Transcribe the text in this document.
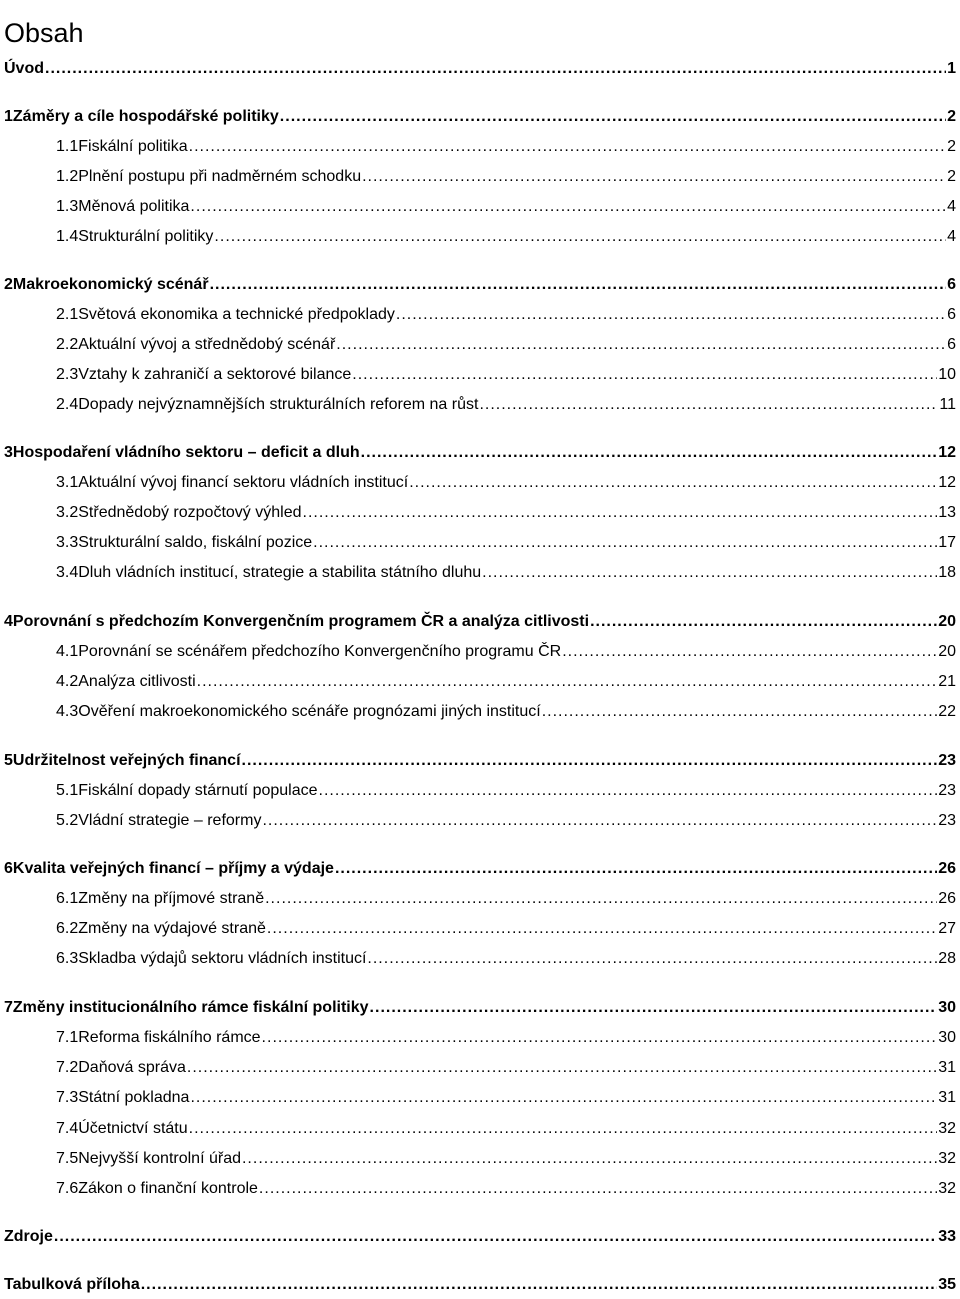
Obsah
Úvod .....	1
1 Záměry a cíle hospodářské politiky .....	2
1.1 Fiskální politika .....	2
1.2 Plnění postupu při nadměrném schodku .....	2
1.3 Měnová politika .....	4
1.4 Strukturální politiky .....	4
2 Makroekonomický scénář .....	6
2.1 Světová ekonomika a technické předpoklady .....	6
2.2 Aktuální vývoj a střednědobý scénář .....	6
2.3 Vztahy k zahraničí a sektorové bilance .....	10
2.4 Dopady nejvýznamnějších strukturálních reforem na růst .....	11
3 Hospodaření vládního sektoru – deficit a dluh .....	12
3.1 Aktuální vývoj financí sektoru vládních institucí .....	12
3.2 Střednědobý rozpočtový výhled .....	13
3.3 Strukturální saldo, fiskální pozice .....	17
3.4 Dluh vládních institucí, strategie a stabilita státního dluhu .....	18
4 Porovnání s předchozím Konvergenčním programem ČR a analýza citlivosti .....	20
4.1 Porovnání se scénářem předchozího Konvergenčního programu ČR .....	20
4.2 Analýza citlivosti .....	21
4.3 Ověření makroekonomického scénáře prognózami jiných institucí .....	22
5 Udržitelnost veřejných financí .....	23
5.1 Fiskální dopady stárnutí populace .....	23
5.2 Vládní strategie – reformy .....	23
6 Kvalita veřejných financí – příjmy a výdaje .....	26
6.1 Změny na příjmové straně .....	26
6.2 Změny na výdajové straně .....	27
6.3 Skladba výdajů sektoru vládních institucí .....	28
7 Změny institucionálního rámce fiskální politiky .....	30
7.1 Reforma fiskálního rámce .....	30
7.2 Daňová správa .....	31
7.3 Státní pokladna .....	31
7.4 Účetnictví státu .....	32
7.5 Nejvyšší kontrolní úřad .....	32
7.6 Zákon o finanční kontrole .....	32
Zdroje .....	33
Tabulková příloha .....	35
